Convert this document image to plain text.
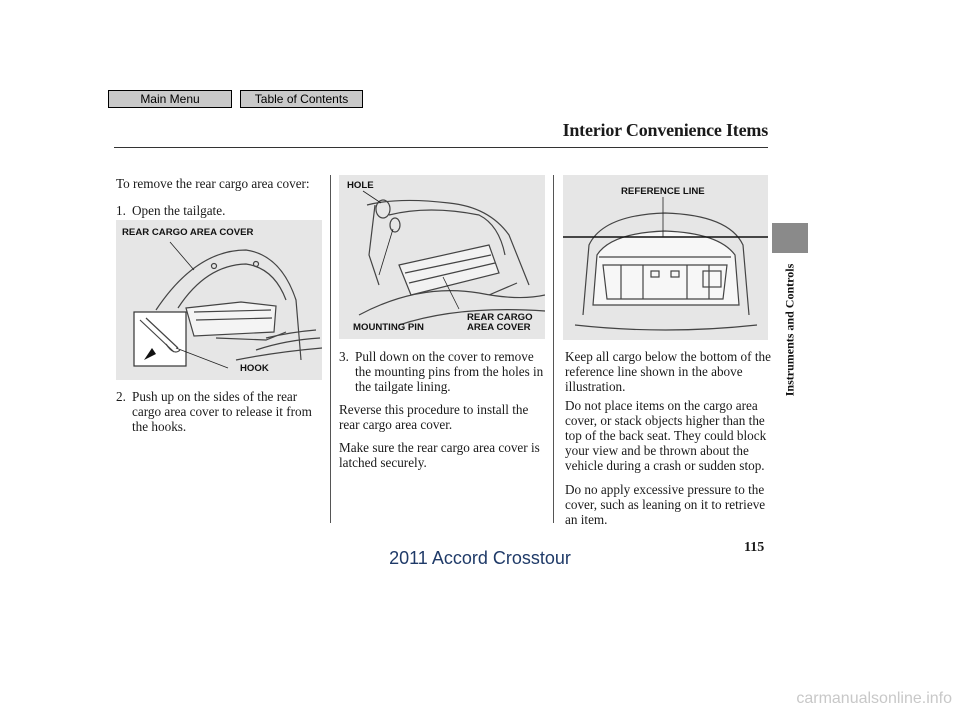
Main Menu	Table of Contents
Interior Convenience Items
To remove the rear cargo area cover:
1. Open the tailgate.
REAR CARGO AREA COVER
HOOK
2. Push up on the sides of the rear cargo area cover to release it from the hooks.
HOLE
MOUNTING PIN
REAR CARGO
AREA COVER
3. Pull down on the cover to remove the mounting pins from the holes in the tailgate lining.
Reverse this procedure to install the rear cargo area cover.
Make sure the rear cargo area cover is latched securely.
REFERENCE LINE
Keep all cargo below the bottom of the reference line shown in the above illustration.
Do not place items on the cargo area cover, or stack objects higher than the top of the back seat. They could block your view and be thrown about the vehicle during a crash or sudden stop.
Do no apply excessive pressure to the cover, such as leaning on it to retrieve an item.
Instruments and Controls
115
2011 Accord Crosstour
carmanualsonline.info
